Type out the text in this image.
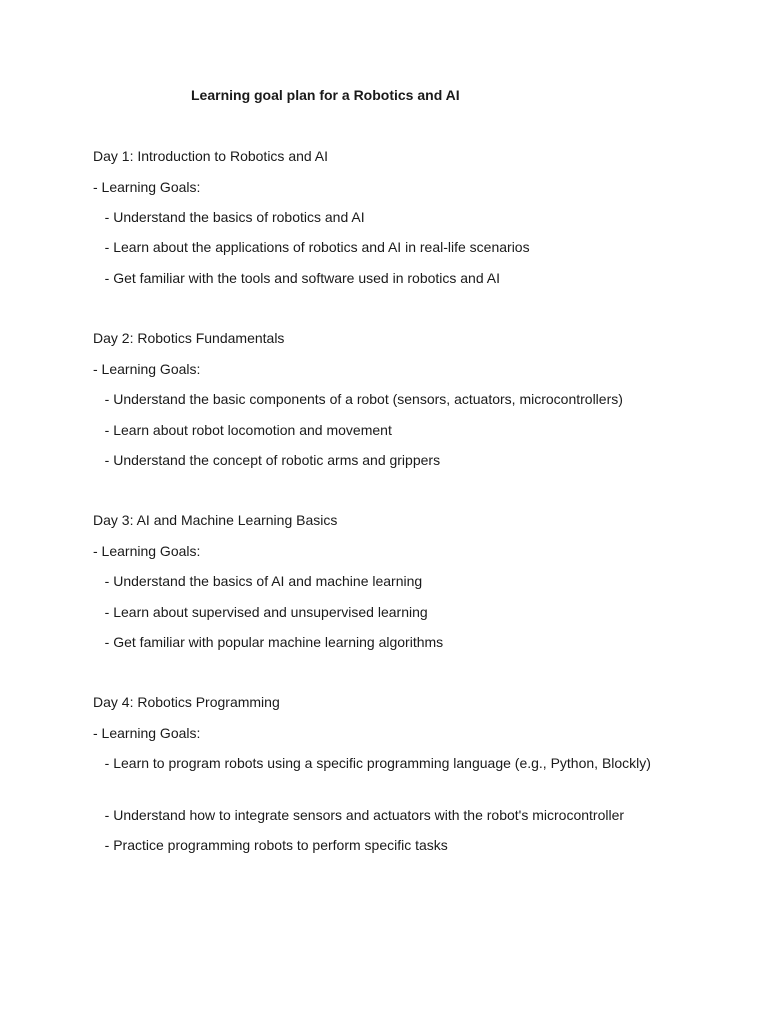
Learning goal plan for a Robotics and AI
Day 1: Introduction to Robotics and AI
- Learning Goals:
- Understand the basics of robotics and AI
- Learn about the applications of robotics and AI in real-life scenarios
- Get familiar with the tools and software used in robotics and AI
Day 2: Robotics Fundamentals
- Learning Goals:
- Understand the basic components of a robot (sensors, actuators, microcontrollers)
- Learn about robot locomotion and movement
- Understand the concept of robotic arms and grippers
Day 3: AI and Machine Learning Basics
- Learning Goals:
- Understand the basics of AI and machine learning
- Learn about supervised and unsupervised learning
- Get familiar with popular machine learning algorithms
Day 4: Robotics Programming
- Learning Goals:
- Learn to program robots using a specific programming language (e.g., Python, Blockly)
- Understand how to integrate sensors and actuators with the robot's microcontroller
- Practice programming robots to perform specific tasks
